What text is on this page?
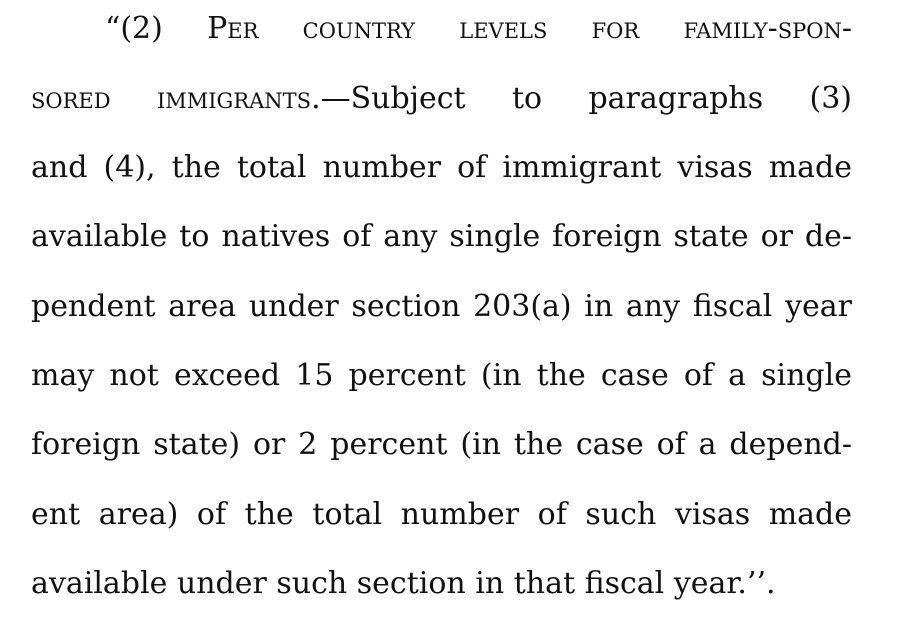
“(2) Per country levels for family-spon-
sored immigrants.—Subject to paragraphs (3)
and (4), the total number of immigrant visas made
available to natives of any single foreign state or de-
pendent area under section 203(a) in any fiscal year
may not exceed 15 percent (in the case of a single
foreign state) or 2 percent (in the case of a depend-
ent area) of the total number of such visas made
available under such section in that fiscal year.’’.
